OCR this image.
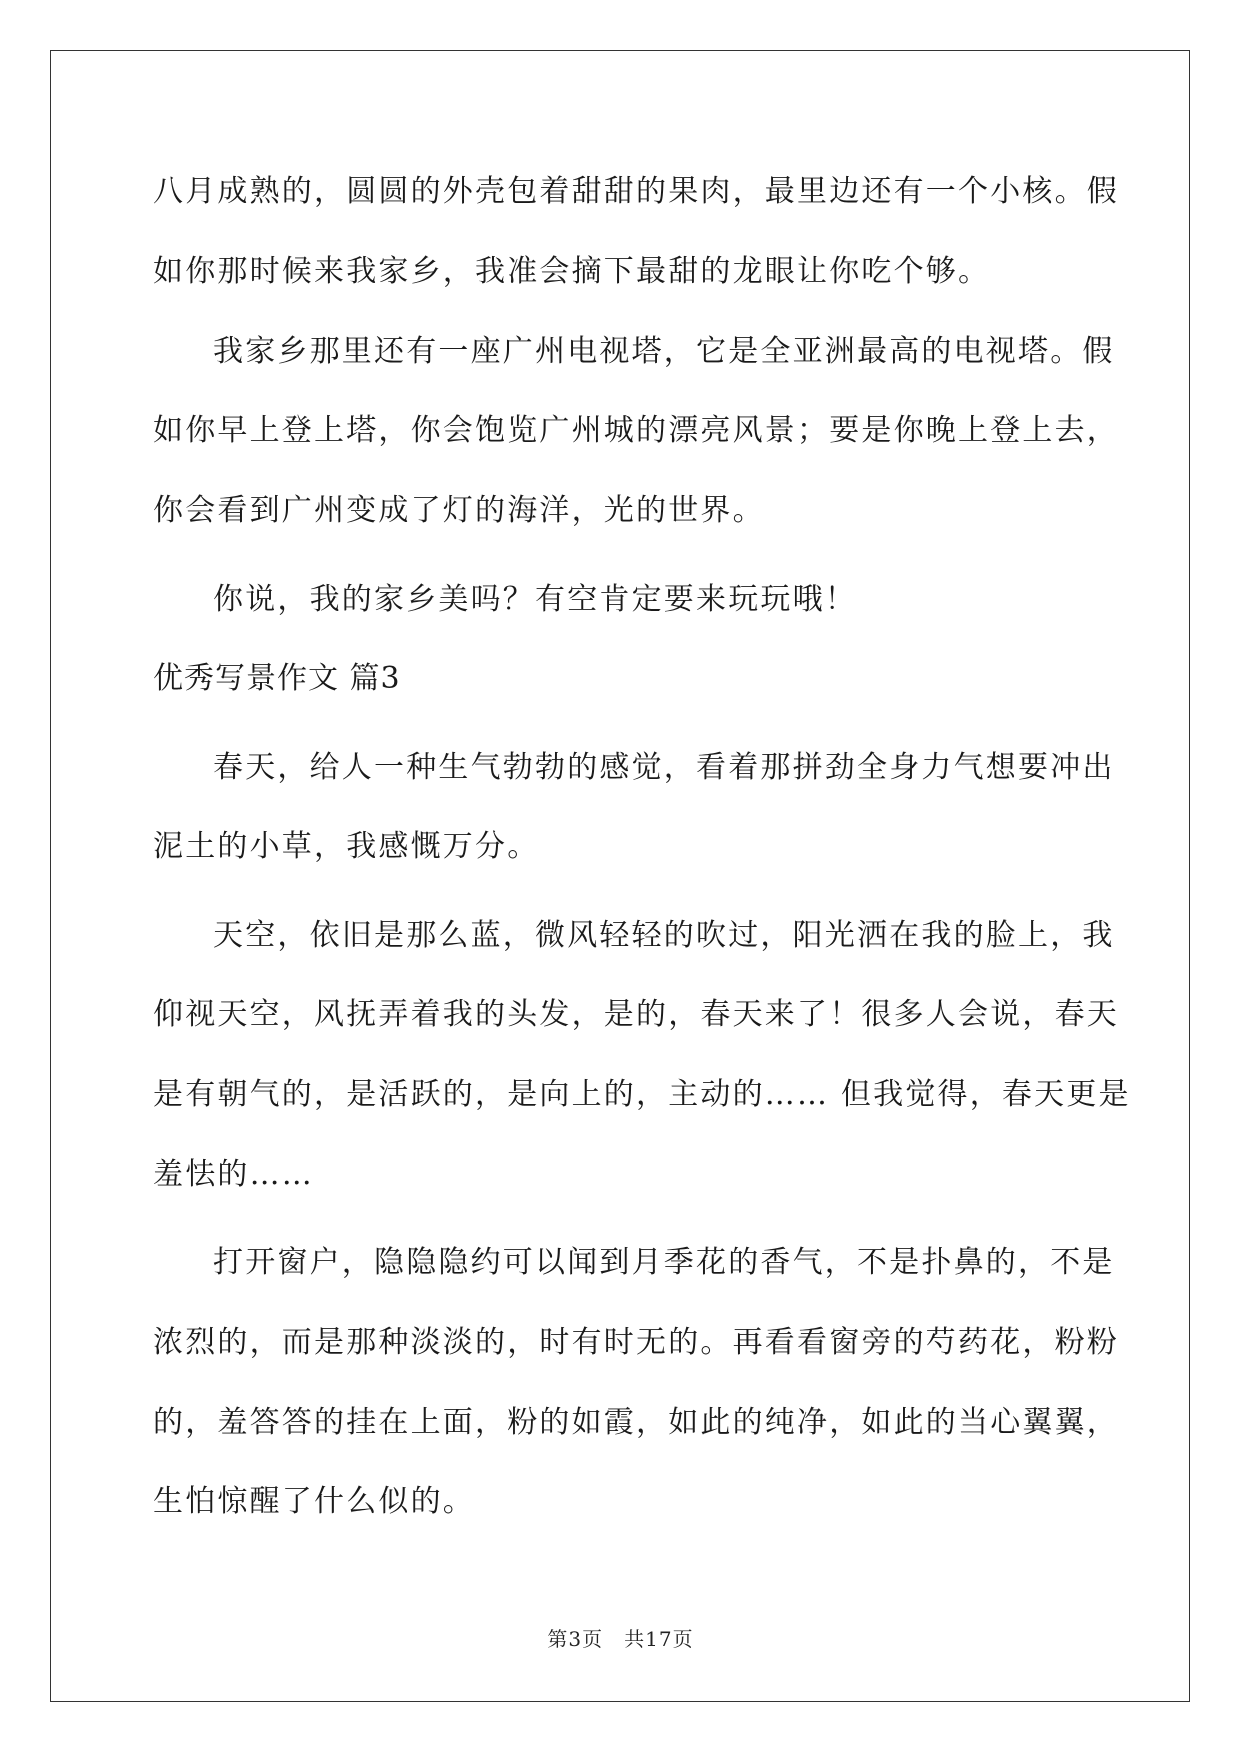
八月成熟的，圆圆的外壳包着甜甜的果肉，最里边还有一个小核。假

如你那时候来我家乡，我准会摘下最甜的龙眼让你吃个够。

我家乡那里还有一座广州电视塔，它是全亚洲最高的电视塔。假

如你早上登上塔，你会饱览广州城的漂亮风景；要是你晚上登上去，

你会看到广州变成了灯的海洋，光的世界。

你说，我的家乡美吗？有空肯定要来玩玩哦！

优秀写景作文 篇3

春天，给人一种生气勃勃的感觉，看着那拼劲全身力气想要冲出

泥土的小草，我感慨万分。

天空，依旧是那么蓝，微风轻轻的吹过，阳光洒在我的脸上，我

仰视天空，风抚弄着我的头发，是的，春天来了！很多人会说，春天

是有朝气的，是活跃的，是向上的，主动的…… 但我觉得，春天更是

羞怯的……

打开窗户，隐隐隐约可以闻到月季花的香气，不是扑鼻的，不是

浓烈的，而是那种淡淡的，时有时无的。再看看窗旁的芍药花，粉粉

的，羞答答的挂在上面，粉的如霞，如此的纯净，如此的当心翼翼，

生怕惊醒了什么似的。

第3页　共17页
